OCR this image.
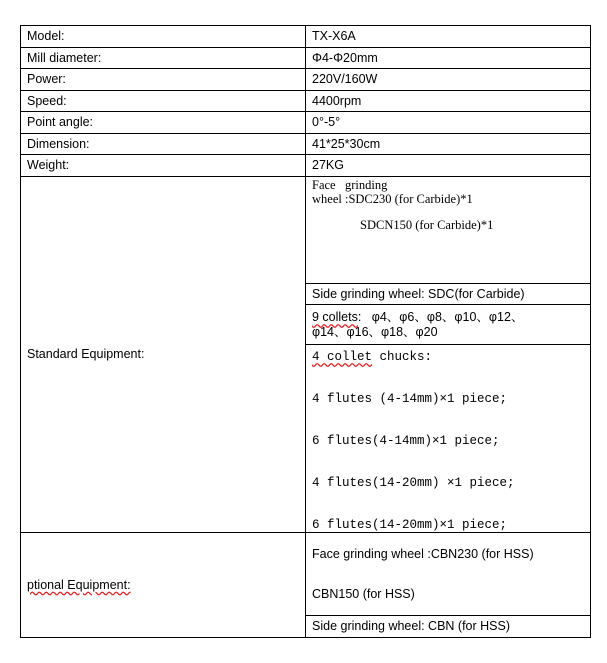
Model:	TX-X6A
Mill diameter:	Φ4-Φ20mm
Power:	220V/160W
Speed:	4400rpm
Point angle:	0°-5°
Dimension:	41*25*30cm
Weight:	27KG
Standard Equipment:	Face   grinding
wheel :SDC230 (for Carbide)*1
SDCN150 (for Carbide)*1

	Side grinding wheel: SDC(for Carbide)

	9 collets:   φ4、φ6、φ8、φ10、φ12、
φ14、φ16、φ18、φ20

	4 collet chucks:
4 flutes (4-14mm)×1 piece;
6 flutes(4-14mm)×1 piece;
4 flutes(14-20mm) ×1 piece;
6 flutes(14-20mm)×1 piece;

ptional Equipment:	Face grinding wheel :CBN230 (for HSS)
CBN150 (for HSS)

	Side grinding wheel: CBN (for HSS)
